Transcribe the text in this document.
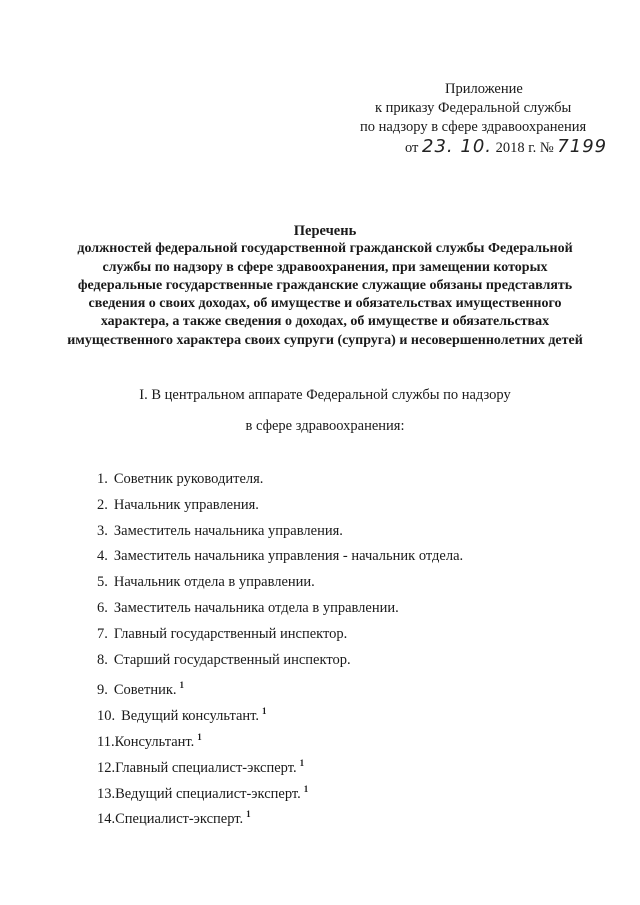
Приложение
к приказу Федеральной службы
по надзору в сфере здравоохранения
от 23. 10. 2018 г. № 7199
Перечень
должностей федеральной государственной гражданской службы Федеральной службы по надзору в сфере здравоохранения, при замещении которых федеральные государственные гражданские служащие обязаны представлять сведения о своих доходах, об имуществе и обязательствах имущественного характера, а также сведения о доходах, об имуществе и обязательствах имущественного характера своих супруги (супруга) и несовершеннолетних детей
I. В центральном аппарате Федеральной службы по надзору
в сфере здравоохранения:
1. Советник руководителя.
2. Начальник управления.
3. Заместитель начальника управления.
4. Заместитель начальника управления - начальник отдела.
5. Начальник отдела в управлении.
6. Заместитель начальника отдела в управлении.
7. Главный государственный инспектор.
8. Старший государственный инспектор.
9. Советник. $^1$
10. Ведущий консультант. $^1$
11.Консультант. $^1$
12.Главный специалист-эксперт. $^1$
13.Ведущий специалист-эксперт. $^1$
14.Специалист-эксперт. $^1$
